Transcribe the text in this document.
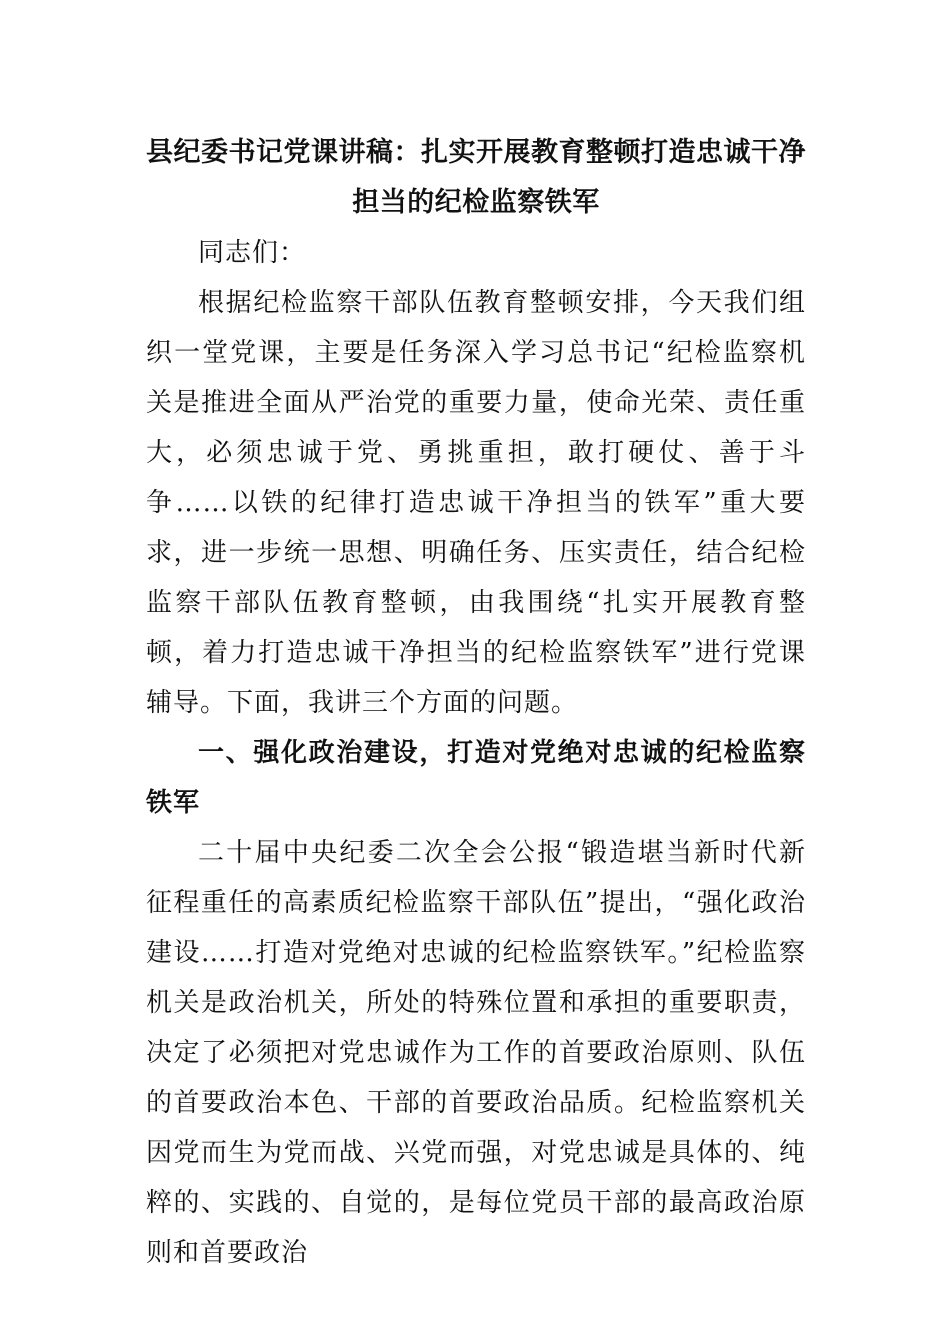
县纪委书记党课讲稿：扎实开展教育整顿打造忠诚干净担当的纪检监察铁军

同志们：

根据纪检监察干部队伍教育整顿安排，今天我们组织一堂党课，主要是任务深入学习总书记“纪检监察机关是推进全面从严治党的重要力量，使命光荣、责任重大，必须忠诚于党、勇挑重担，敢打硬仗、善于斗争……以铁的纪律打造忠诚干净担当的铁军”重大要求，进一步统一思想、明确任务、压实责任，结合纪检监察干部队伍教育整顿，由我围绕“扎实开展教育整顿，着力打造忠诚干净担当的纪检监察铁军”进行党课辅导。下面，我讲三个方面的问题。

一、强化政治建设，打造对党绝对忠诚的纪检监察铁军

二十届中央纪委二次全会公报“锻造堪当新时代新征程重任的高素质纪检监察干部队伍”提出，“强化政治建设……打造对党绝对忠诚的纪检监察铁军。”纪检监察机关是政治机关，所处的特殊位置和承担的重要职责，决定了必须把对党忠诚作为工作的首要政治原则、队伍的首要政治本色、干部的首要政治品质。纪检监察机关因党而生为党而战、兴党而强，对党忠诚是具体的、纯粹的、实践的、自觉的，是每位党员干部的最高政治原则和首要政治
